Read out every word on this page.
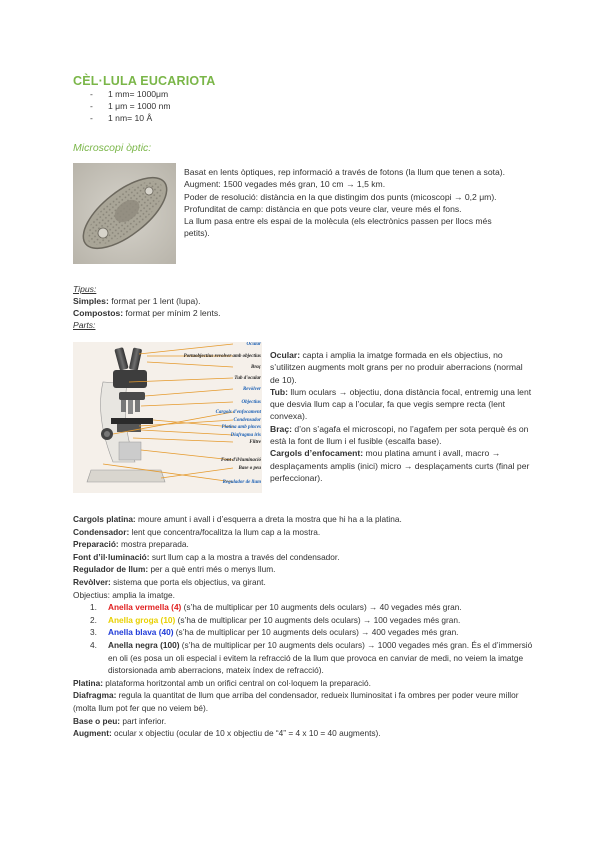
CÈL·LULA EUCARIOTA
-	1 mm= 1000μm
-	1 μm = 1000 nm
-	1 nm= 10 Å
Microscopi òptic:

Basat en lents òptiques, rep informació a través de fotons (la llum que tenen a sota).

Augment: 1500 vegades més gran, 10 cm → 1,5 km.

Poder de resolució: distància en la que distingim dos punts (micoscopi → 0,2 μm).

Profunditat de camp: distància en que pots veure clar, veure més el fons.

La llum pasa entre els espai de la molècula (els electrònics passen per llocs més petits).

Tipus:
Simples: format per 1 lent (lupa).
Compostos: format per mínim 2 lents.
Parts:
Ocular
Portaobjectius revolver amb objectius
Braç
Tub d'ocular
Revòlver
Objectius
Cargols d'enfocament
Condensador
Platina amb pinces
Diafragma iris
Filtre
Font d'il·luminació
Base o peu
Regulador de llum

Ocular: capta i amplia la imatge formada en els objectius, no s’utilitzen augments molt grans per no produir aberracions (normal de 10).

Tub: llum oculars → objectiu, dona distància focal, entremig una lent que desvia llum cap a l’ocular, fa que vegis sempre recta (lent convexa).

Braç: d’on s’agafa el microscopi, no l’agafem per sota perquè és on està la font de llum i el fusible (escalfa base).

Cargols d’enfocament: mou platina amunt i avall, macro → desplaçaments amplis (inici) micro → desplaçaments curts (final per perfeccionar).

Cargols platina: moure amunt i avall i d’esquerra a dreta la mostra que hi ha a la platina.

Condensador: lent que concentra/focalitza la llum cap a la mostra.

Preparació: mostra preparada.

Font d’il·luminació: surt llum cap a la mostra a través del condensador.

Regulador de llum: per a què entri més o menys llum.

Revòlver: sistema que porta els objectius, va girant.

Objectius: amplia la imatge.

1. Anella vermella (4) (s’ha de multiplicar per 10 augments dels oculars) → 40 vegades més gran.
2. Anella groga (10) (s’ha de multiplicar per 10 augments dels oculars) → 100 vegades més gran.
3. Anella blava (40) (s’ha de multiplicar per 10 augments dels oculars) → 400 vegades més gran.
4. Anella negra (100) (s’ha de multiplicar per 10 augments dels oculars) → 1000 vegades més gran. És el d’immersió en oli (es posa un oli especial i evitem la refracció de la llum que provoca en canviar de medi, no veiem la imatge distorsionada amb aberracions, mateix índex de refracció).

Platina: plataforma horitzontal amb un orifici central on col·loquem la preparació.

Diafragma: regula la quantitat de llum que arriba del condensador, redueix lluminositat i fa ombres per poder veure millor (molta llum pot fer que no veiem bé).

Base o peu: part inferior.

Augment: ocular x objectiu (ocular de 10 x objectiu de “4” = 4 x 10 = 40 augments).
